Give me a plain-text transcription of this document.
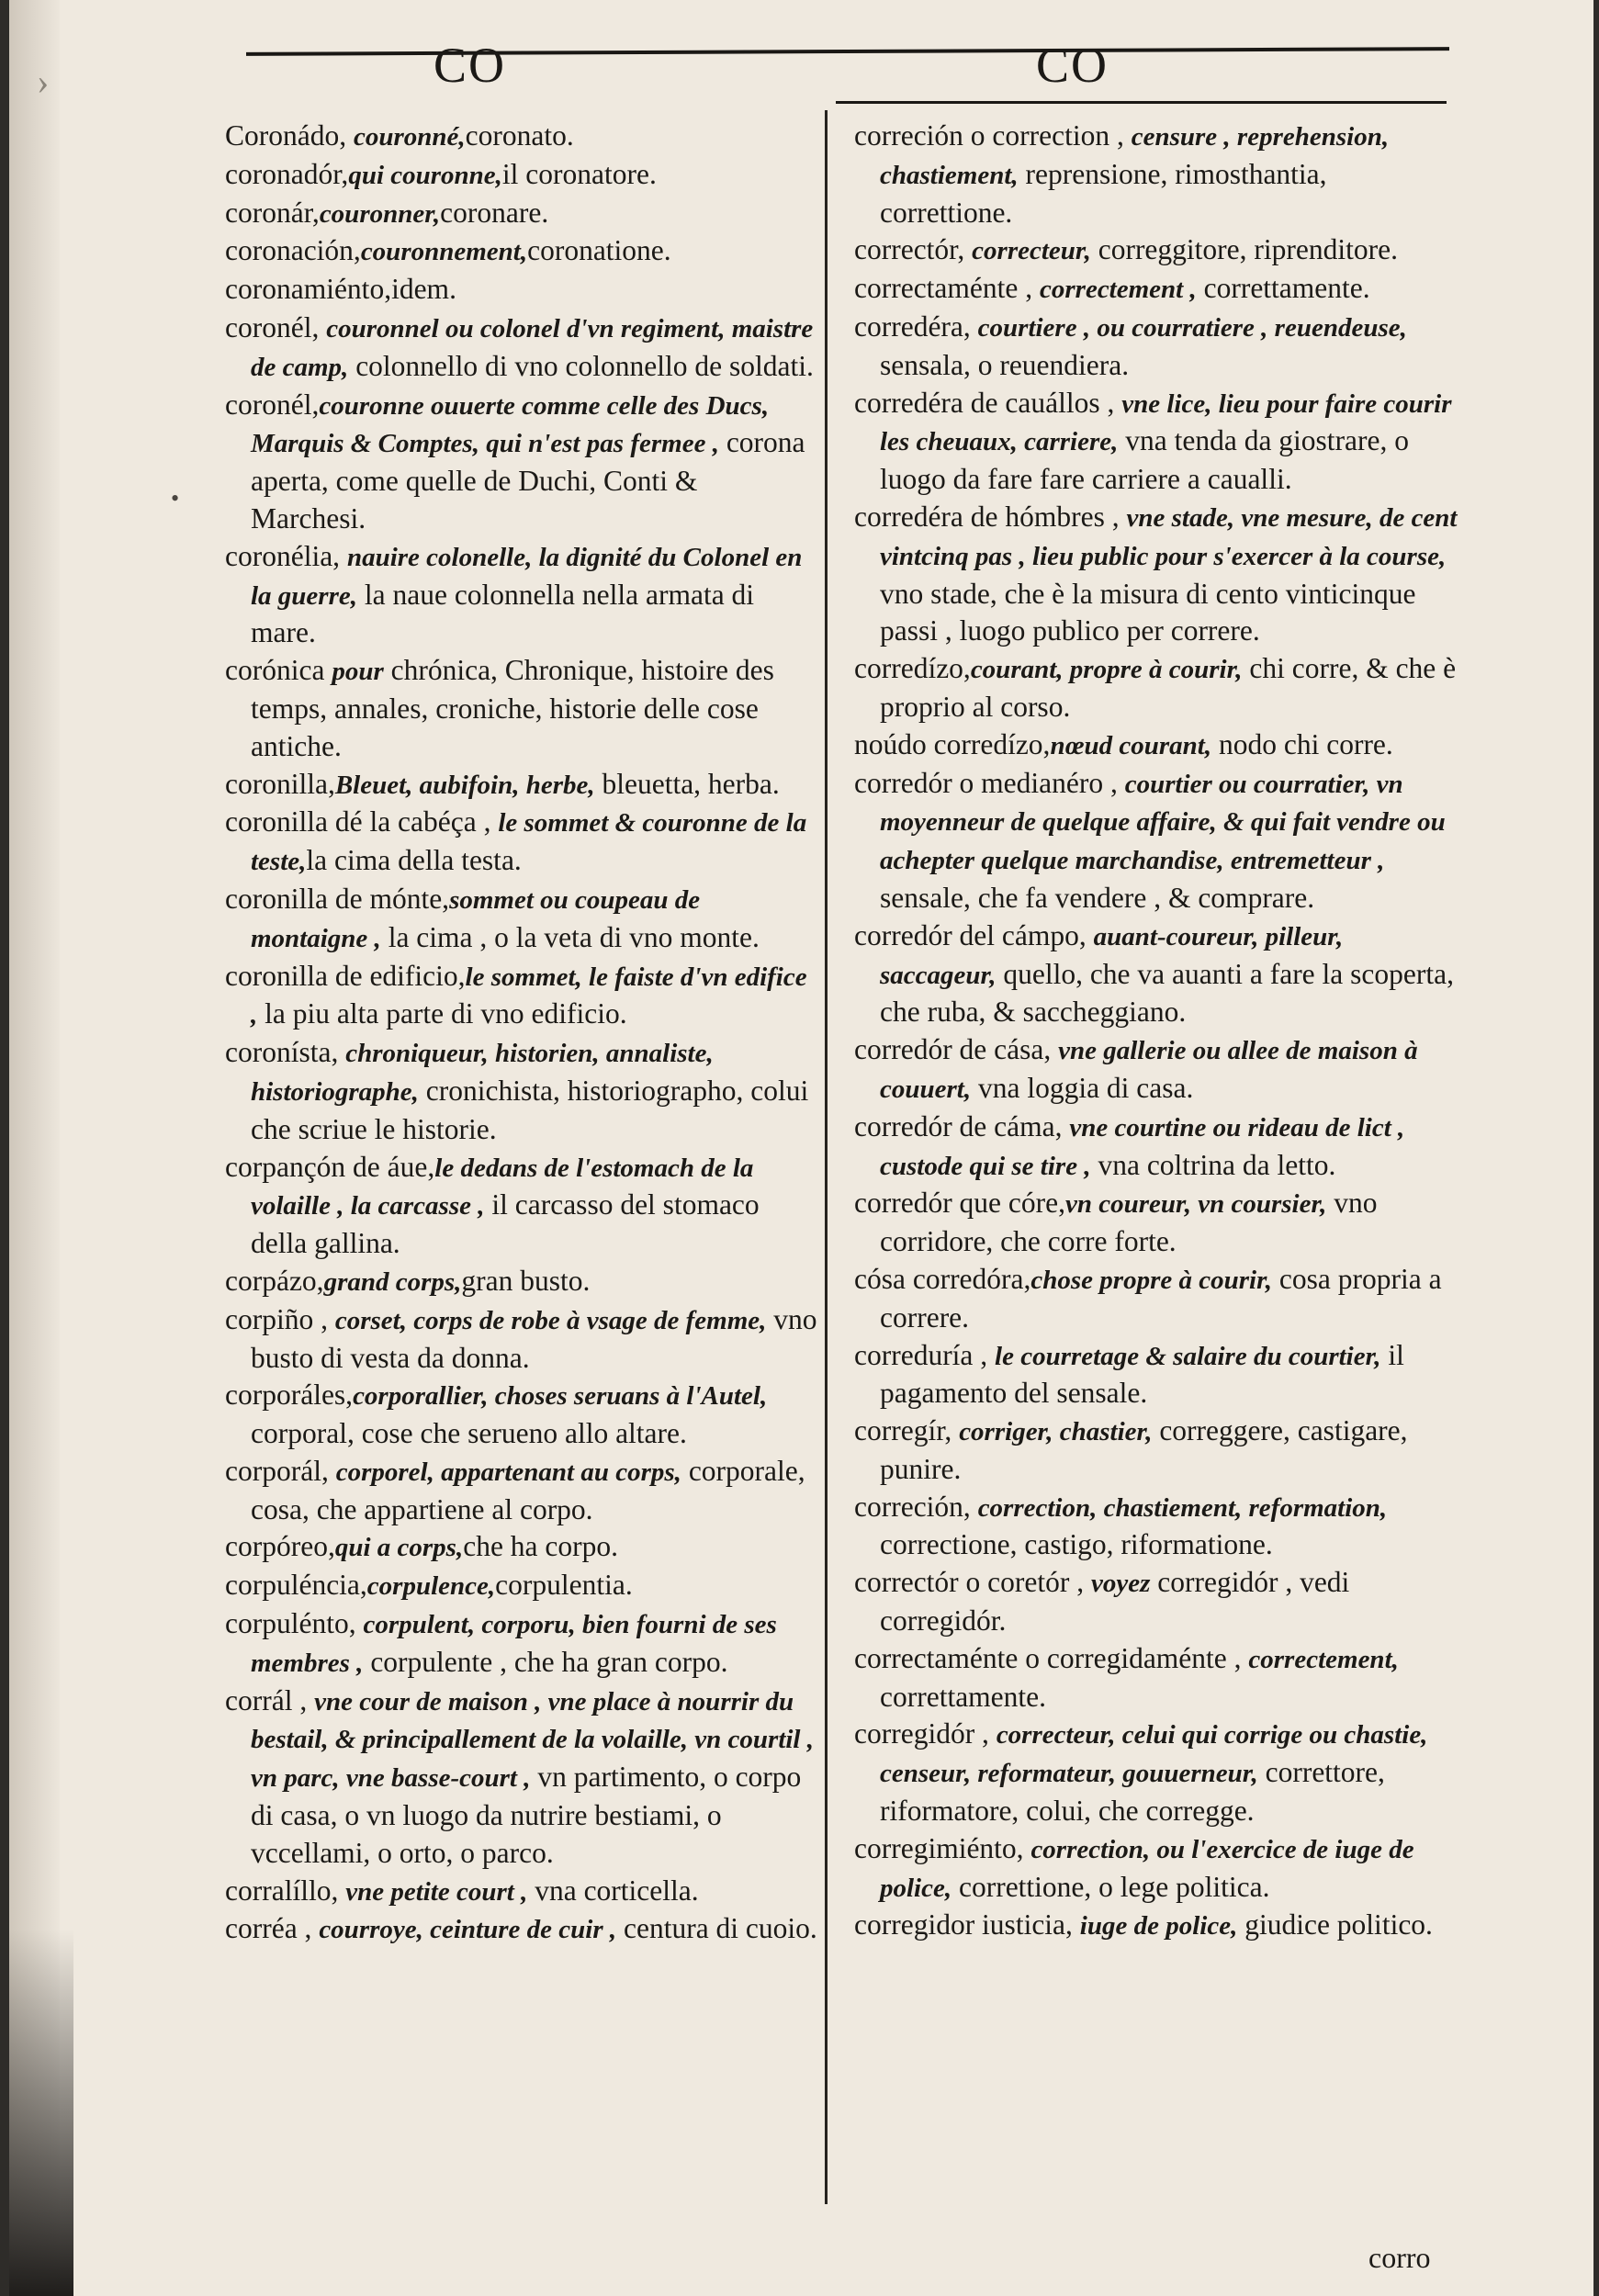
›
•
CO	CO

Coronádo, couronné,coronato.

coronadór,qui couronne,il coronatore.

coronár,couronner,coronare.

coronación,couronnement,coronatione.

coronamiénto,idem.

coronél, couronnel ou colonel d'vn regiment, maistre de camp, colonnello di vno colonnello de soldati.

coronél,couronne ouuerte comme celle des Ducs, Marquis & Comptes, qui n'est pas fermee , corona aperta, come quelle de Duchi, Conti & Marchesi.

coronélia, nauire colonelle, la dignité du Colonel en la guerre, la naue colonnella nella armata di mare.

corónica pour chrónica, Chronique, histoire des temps, annales, croniche, historie delle cose antiche.

coronilla,Bleuet, aubifoin, herbe, bleuetta, herba.

coronilla dé la cabéça , le sommet & couronne de la teste,la cima della testa.

coronilla de mónte,sommet ou coupeau de montaigne , la cima , o la veta di vno monte.

coronilla de edificio,le sommet, le faiste d'vn edifice , la piu alta parte di vno edificio.

coronísta, chroniqueur, historien, annaliste, historiographe, cronichista, historiographo, colui che scriue le historie.

corpançón de áue,le dedans de l'estomach de la volaille , la carcasse , il carcasso del stomaco della gallina.

corpázo,grand corps,gran busto.

corpiño , corset, corps de robe à vsage de femme, vno busto di vesta da donna.

corporáles,corporallier, choses seruans à l'Autel, corporal, cose che serueno allo altare.

corporál, corporel, appartenant au corps, corporale, cosa, che appartiene al corpo.

corpóreo,qui a corps,che ha corpo.

corpuléncia,corpulence,corpulentia.

corpulénto, corpulent, corporu, bien fourni de ses membres , corpulente , che ha gran corpo.

corrál , vne cour de maison , vne place à nourrir du bestail, & principallement de la volaille, vn courtil , vn parc, vne basse-court , vn partimento, o corpo di casa, o vn luogo da nutrire bestiami, o vccellami, o orto, o parco.

corralíllo, vne petite court , vna corticella.

corréa , courroye, ceinture de cuir , centura di cuoio.

correción o correction , censure , reprehension, chastiement, reprensione, rimosthantia, correttione.

correctór, correcteur, correggitore, riprenditore.

correctaménte , correctement , correttamente.

corredéra, courtiere , ou courratiere , reuendeuse, sensala, o reuendiera.

corredéra de cauállos , vne lice, lieu pour faire courir les cheuaux, carriere, vna tenda da giostrare, o luogo da fare fare carriere a caualli.

corredéra de hómbres , vne stade, vne mesure, de cent vintcinq pas , lieu public pour s'exercer à la course, vno stade, che è la misura di cento vinticinque passi , luogo publico per correre.

corredízo,courant, propre à courir, chi corre, & che è proprio al corso.

noúdo corredízo,nœud courant, nodo chi corre.

corredór o medianéro , courtier ou courratier, vn moyenneur de quelque affaire, & qui fait vendre ou achepter quelque marchandise, entremetteur , sensale, che fa vendere , & comprare.

corredór del cámpo, auant-coureur, pilleur, saccageur, quello, che va auanti a fare la scoperta, che ruba, & saccheggiano.

corredór de cása, vne gallerie ou allee de maison à couuert, vna loggia di casa.

corredór de cáma, vne courtine ou rideau de lict , custode qui se tire , vna coltrina da letto.

corredór que córe,vn coureur, vn coursier, vno corridore, che corre forte.

cósa corredóra,chose propre à courir, cosa propria a correre.

correduría , le courretage & salaire du courtier, il pagamento del sensale.

corregír, corriger, chastier, correggere, castigare, punire.

correción, correction, chastiement, reformation, correctione, castigo, riformatione.

correctór o coretór , voyez corregidór , vedi corregidór.

correctaménte o corregidaménte , correctement, correttamente.

corregidór , correcteur, celui qui corrige ou chastie, censeur, reformateur, gouuerneur, correttore, riformatore, colui, che corregge.

corregimiénto, correction, ou l'exercice de iuge de police, correttione, o lege politica.

corregidor iusticia, iuge de police, giudice politico.

corro
